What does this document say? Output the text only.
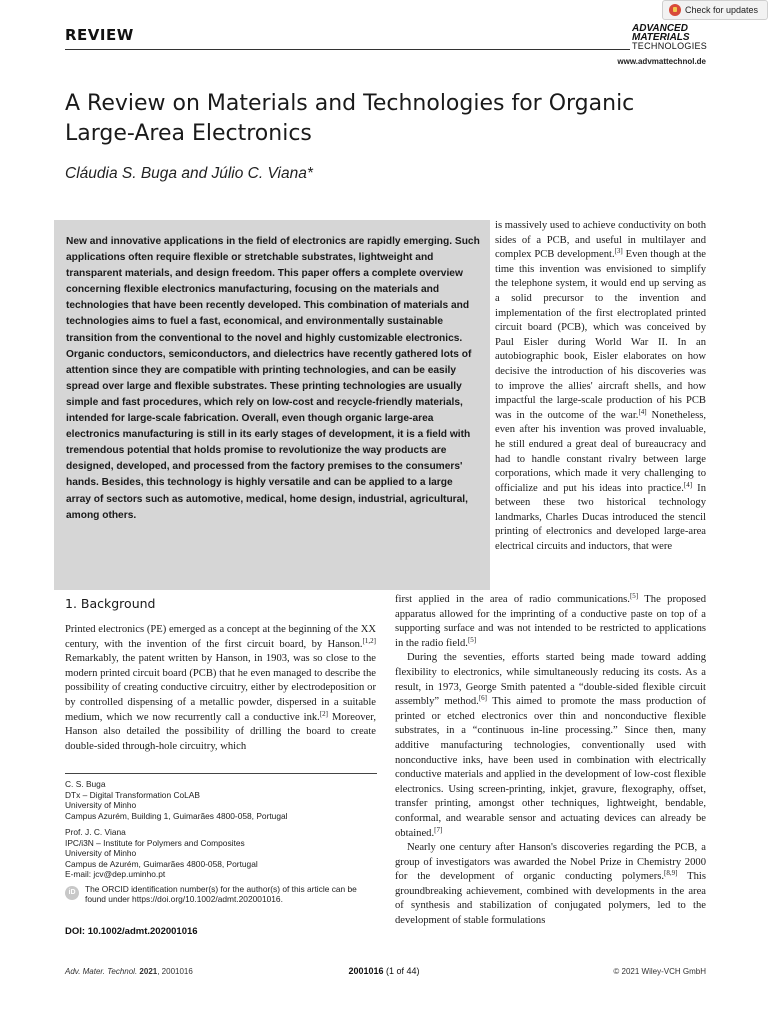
REVIEW	ADVANCED
MATERIALS
TECHNOLOGIES
www.advmattechnol.de
Check for updates
A Review on Materials and Technologies for Organic Large-Area Electronics
Cláudia S. Buga and Júlio C. Viana*
New and innovative applications in the field of electronics are rapidly emerging. Such applications often require flexible or stretchable substrates, lightweight and transparent materials, and design freedom. This paper offers a complete overview concerning flexible electronics manufacturing, focusing on the materials and technologies that have been recently developed. This combination of materials and technologies aims to fuel a fast, economical, and environmentally sustainable transition from the conventional to the novel and highly customizable electronics. Organic conductors, semiconductors, and dielectrics have recently gathered lots of attention since they are compatible with printing technologies, and can be easily spread over large and flexible substrates. These printing technologies are usually simple and fast procedures, which rely on low-cost and recycle-friendly materials, intended for large-scale fabrication. Overall, even though organic large-area electronics manufacturing is still in its early stages of development, it is a field with tremendous potential that holds promise to revolutionize the way products are designed, developed, and processed from the factory premises to the consumers' hands. Besides, this technology is highly versatile and can be applied to a large array of sectors such as automotive, medical, home design, industrial, agricultural, among others.

is massively used to achieve conductivity on both sides of a PCB, and useful in multilayer and complex PCB development.[3] Even though at the time this invention was envisioned to simplify the telephone system, it would end up serving as a solid precursor to the invention and implementation of the first electroplated printed circuit board (PCB), which was conceived by Paul Eisler during World War II. In an autobiographic book, Eisler elaborates on how decisive the introduction of his discoveries was to improve the allies' aircraft shells, and how impactful the large-scale production of his PCB was in the outcome of the war.[4] Nonetheless, even after his invention was proved invaluable, he still endured a great deal of bureaucracy and had to handle constant rivalry between large corporations, which made it very challenging to officialize and put his ideas into practice.[4] In between these two historical technology landmarks, Charles Ducas introduced the stencil printing of electronics and developed large-area electrical circuits and inductors, that were

1. Background

Printed electronics (PE) emerged as a concept at the beginning of the XX century, with the invention of the first circuit board, by Hanson.[1,2] Remarkably, the patent written by Hanson, in 1903, was so close to the modern printed circuit board (PCB) that he even managed to describe the possibility of creating conductive circuitry, either by electrodeposition or by controlled dispensing of a metallic powder, dispersed in a suitable medium, which we now recurrently call a conductive ink.[2] Moreover, Hanson also detailed the possibility of drilling the board to create double-sided through-hole circuitry, which

first applied in the area of radio communications.[5] The proposed apparatus allowed for the imprinting of a conductive paste on top of a supporting surface and was not intended to be restricted to applications in the radio field.[5]

During the seventies, efforts started being made toward adding flexibility to electronics, while simultaneously reducing its costs. As a result, in 1973, George Smith patented a “double-sided flexible circuit assembly” method.[6] This aimed to promote the mass production of printed or etched electronics over thin and nonconductive flexible substrates, in a “continuous in-line processing.” Since then, many additive manufacturing technologies, conventionally used with nonconductive inks, have been used in combination with electrically conductive materials and applied in the development of low-cost flexible electronics. Using screen-printing, inkjet, gravure, flexography, offset, transfer printing, amongst other techniques, lightweight, bendable, conformal, and wearable sensor and actuating devices can already be obtained.[7]

Nearly one century after Hanson's discoveries regarding the PCB, a group of investigators was awarded the Nobel Prize in Chemistry 2000 for the development of organic conducting polymers.[8,9] This groundbreaking achievement, combined with developments in the area of synthesis and stabilization of conjugated polymers, led to the development of stable formulations

C. S. Buga
DTx – Digital Transformation CoLAB
University of Minho
Campus Azurém, Building 1, Guimarães 4800-058, Portugal
Prof. J. C. Viana
IPC/i3N – Institute for Polymers and Composites
University of Minho
Campus de Azurém, Guimarães 4800-058, Portugal
E-mail: jcv@dep.uminho.pt
iD	The ORCID identification number(s) for the author(s) of this article can be found under https://doi.org/10.1002/admt.202001016.
DOI: 10.1002/admt.202001016
Adv. Mater. Technol. 2021, 2001016	2001016 (1 of 44)	© 2021 Wiley-VCH GmbH
